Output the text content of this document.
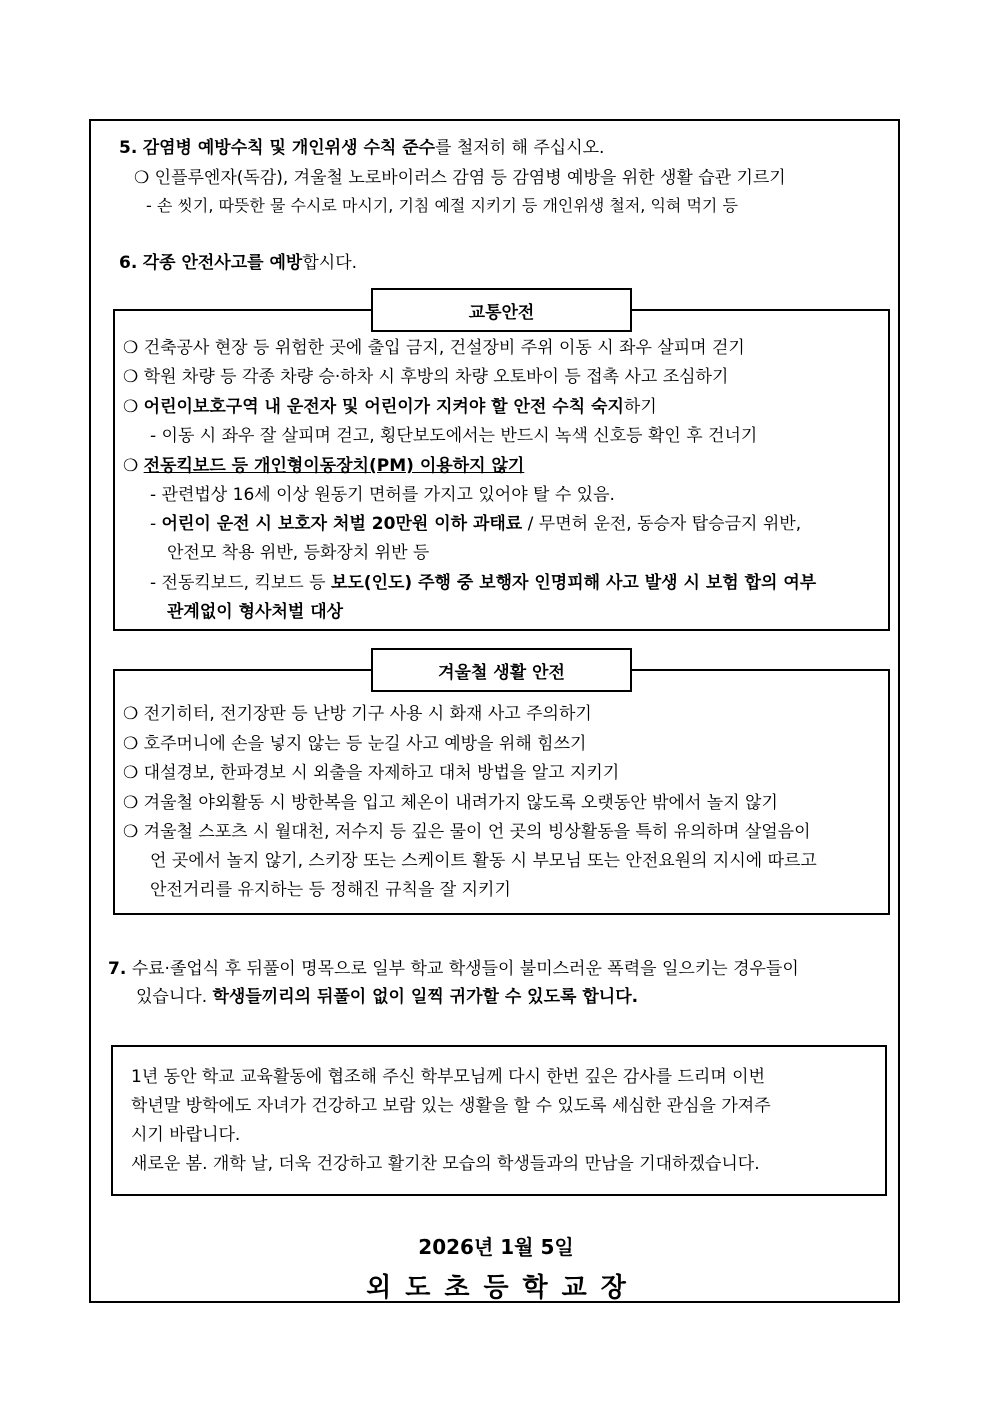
5. 감염병 예방수칙 및 개인위생 수칙 준수를 철저히 해 주십시오.
❍ 인플루엔자(독감), 겨울철 노로바이러스 감염 등 감염병 예방을 위한 생활 습관 기르기
- 손 씻기, 따뜻한 물 수시로 마시기, 기침 예절 지키기 등 개인위생 철저, 익혀 먹기 등
6. 각종 안전사고를 예방합시다.
교통안전
❍ 건축공사 현장 등 위험한 곳에 출입 금지, 건설장비 주위 이동 시 좌우 살피며 걷기
❍ 학원 차량 등 각종 차량 승·하차 시 후방의 차량 오토바이 등 접촉 사고 조심하기
❍ 어린이보호구역 내 운전자 및 어린이가 지켜야 할 안전 수칙 숙지하기
- 이동 시 좌우 잘 살피며 걷고, 횡단보도에서는 반드시 녹색 신호등 확인 후 건너기
❍ 전동킥보드 등 개인형이동장치(PM) 이용하지 않기
- 관련법상 16세 이상 원동기 면허를 가지고 있어야 탈 수 있음.
- 어린이 운전 시 보호자 처벌 20만원 이하 과태료 / 무면허 운전, 동승자 탑승금지 위반,
안전모 착용 위반, 등화장치 위반 등
- 전동킥보드, 킥보드 등 보도(인도) 주행 중 보행자 인명피해 사고 발생 시 보험 합의 여부
관계없이 형사처벌 대상
겨울철 생활 안전
❍ 전기히터, 전기장판 등 난방 기구 사용 시 화재 사고 주의하기
❍ 호주머니에 손을 넣지 않는 등 눈길 사고 예방을 위해 힘쓰기
❍ 대설경보, 한파경보 시 외출을 자제하고 대처 방법을 알고 지키기
❍ 겨울철 야외활동 시 방한복을 입고 체온이 내려가지 않도록 오랫동안 밖에서 놀지 않기
❍ 겨울철 스포츠 시 월대천, 저수지 등 깊은 물이 언 곳의 빙상활동을 특히 유의하며 살얼음이
언 곳에서 놀지 않기, 스키장 또는 스케이트 활동 시 부모님 또는 안전요원의 지시에 따르고
안전거리를 유지하는 등 정해진 규칙을 잘 지키기
7. 수료·졸업식 후 뒤풀이 명목으로 일부 학교 학생들이 불미스러운 폭력을 일으키는 경우들이
있습니다. 학생들끼리의 뒤풀이 없이 일찍 귀가할 수 있도록 합니다.
1년 동안 학교 교육활동에 협조해 주신 학부모님께 다시 한번 깊은 감사를 드리며 이번
학년말 방학에도 자녀가 건강하고 보람 있는 생활을 할 수 있도록 세심한 관심을 가져주
시기 바랍니다.
새로운 봄. 개학 날, 더욱 건강하고 활기찬 모습의 학생들과의 만남을 기대하겠습니다.
2026년 1월 5일
외도초등학교장
